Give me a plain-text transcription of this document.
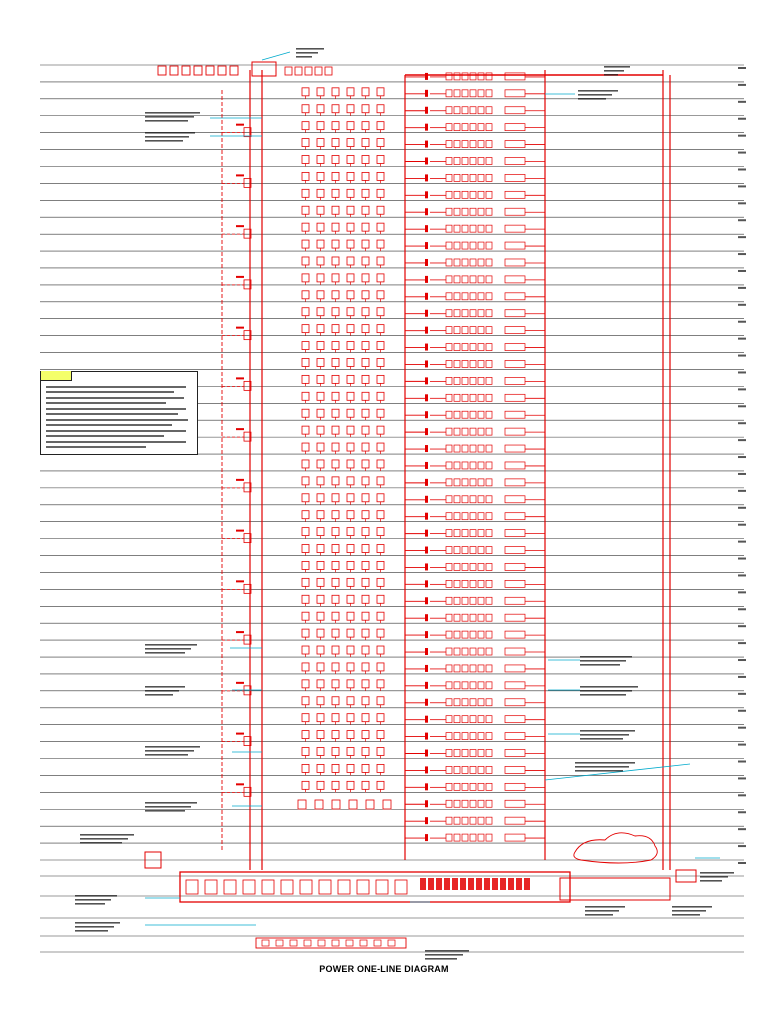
POWER ONE-LINE DIAGRAM
